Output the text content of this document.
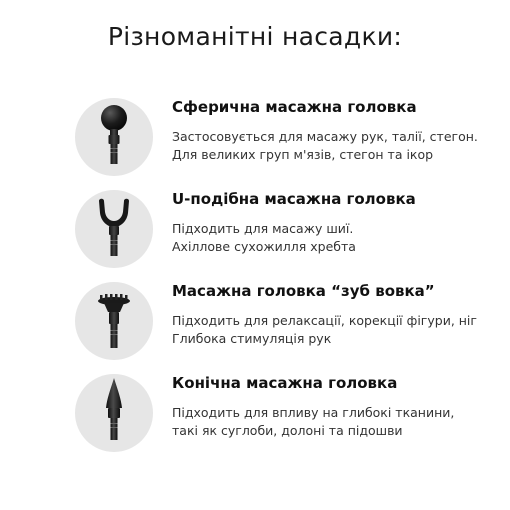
Різноманітні насадки:
Сферична масажна головка
Застосовується для масажу рук, талії, стегон.
Для великих груп м'язів, стегон та ікор
U-подібна масажна головка
Підходить для масажу шиї.
Ахіллове сухожилля хребта
Масажна головка “зуб вовка”
Підходить для релаксації, корекції фігури, ніг
Глибока стимуляція рук
Конічна масажна головка
Підходить для впливу на глибокі тканини,
такі як суглоби, долоні та підошви
